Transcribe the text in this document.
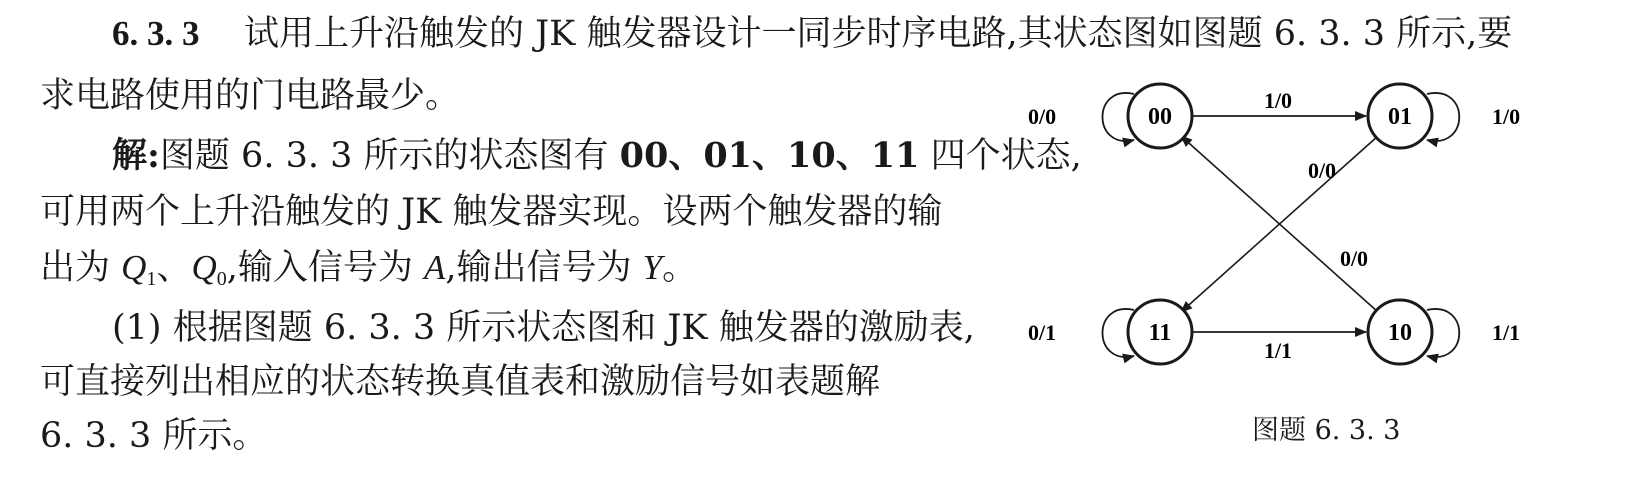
6. 3. 3 试用上升沿触发的 JK 触发器设计一同步时序电路,其状态图如图题 6. 3. 3 所示,要
求电路使用的门电路最少。
解:图题 6. 3. 3 所示的状态图有 00、01、10、11 四个状态,
可用两个上升沿触发的 JK 触发器实现。设两个触发器的输
出为 $Q_1$、$Q_0$,输入信号为 A,输出信号为 Y。
(1) 根据图题 6. 3. 3 所示状态图和 JK 触发器的激励表,
可直接列出相应的状态转换真值表和激励信号如表题解
6. 3. 3 所示。
00	01
11	10
0/0	1/0
0/1	1/1
1/0
1/1
0/0
0/0
图题 6. 3. 3
